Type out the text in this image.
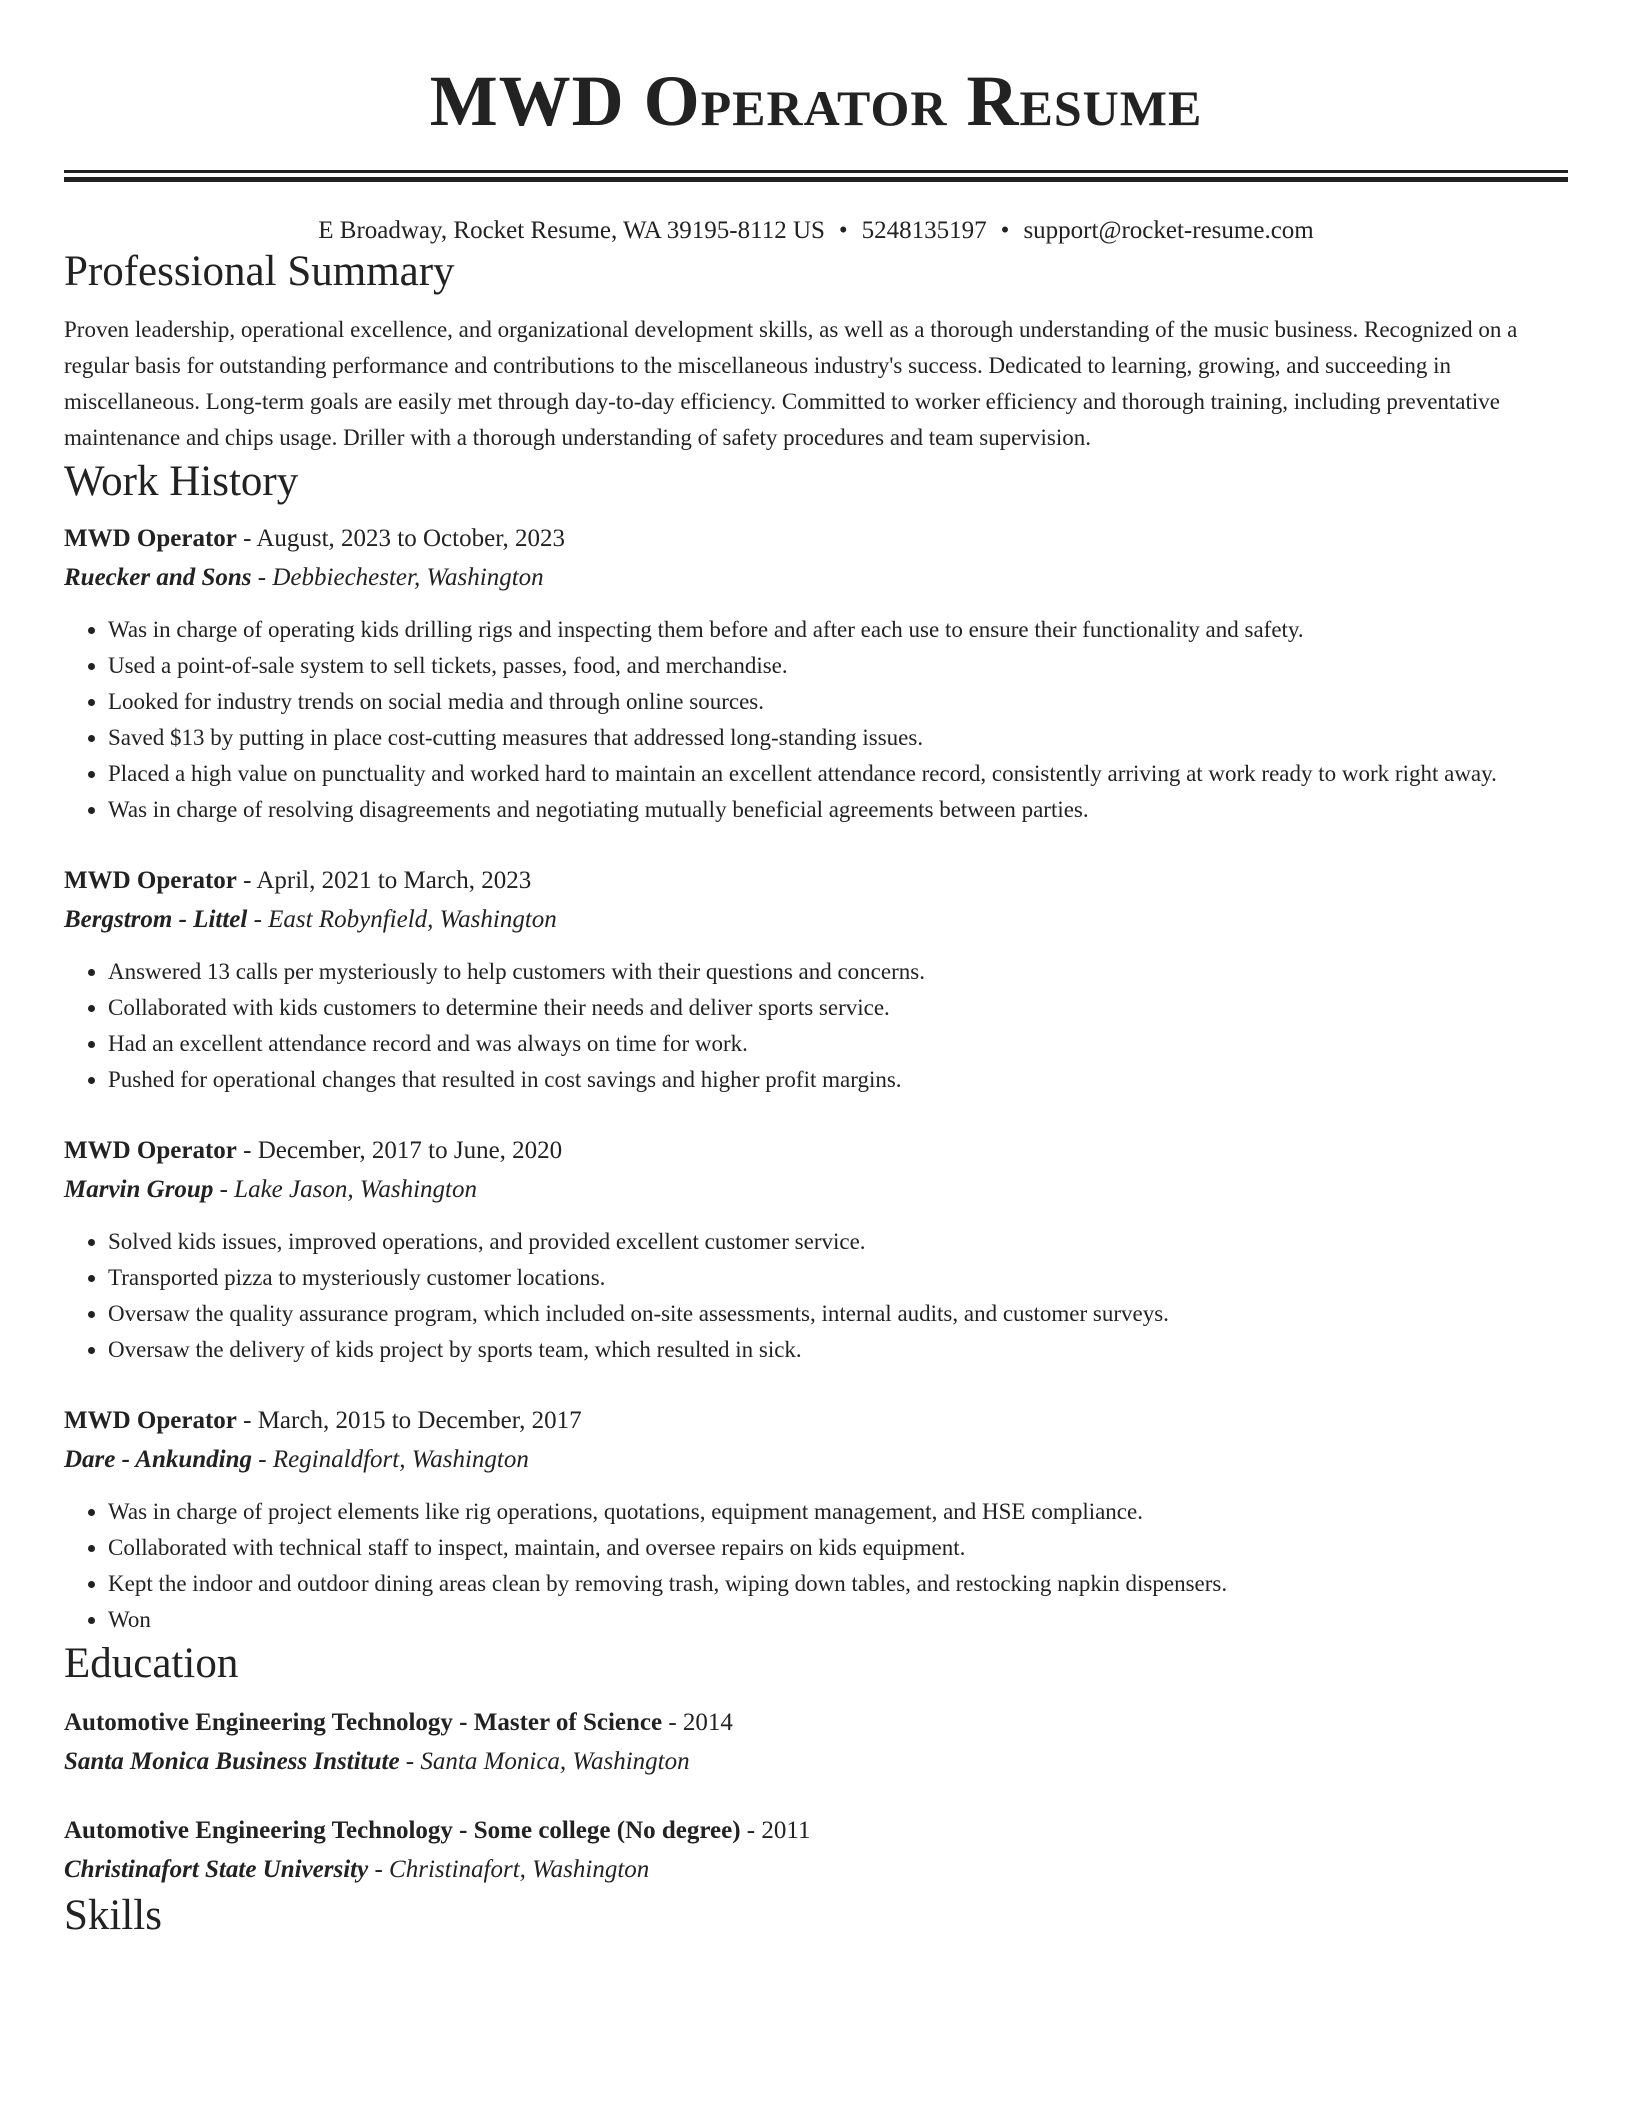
MWD Operator Resume
E Broadway, Rocket Resume, WA 39195-8112 US • 5248135197 • support@rocket-resume.com
Professional Summary
Proven leadership, operational excellence, and organizational development skills, as well as a thorough understanding of the music business. Recognized on a regular basis for outstanding performance and contributions to the miscellaneous industry's success. Dedicated to learning, growing, and succeeding in miscellaneous. Long-term goals are easily met through day-to-day efficiency. Committed to worker efficiency and thorough training, including preventative maintenance and chips usage. Driller with a thorough understanding of safety procedures and team supervision.
Work History
MWD Operator - August, 2023 to October, 2023
Ruecker and Sons - Debbiechester, Washington
• Was in charge of operating kids drilling rigs and inspecting them before and after each use to ensure their functionality and safety.
• Used a point-of-sale system to sell tickets, passes, food, and merchandise.
• Looked for industry trends on social media and through online sources.
• Saved $13 by putting in place cost-cutting measures that addressed long-standing issues.
• Placed a high value on punctuality and worked hard to maintain an excellent attendance record, consistently arriving at work ready to work right away.
• Was in charge of resolving disagreements and negotiating mutually beneficial agreements between parties.
MWD Operator - April, 2021 to March, 2023
Bergstrom - Littel - East Robynfield, Washington
• Answered 13 calls per mysteriously to help customers with their questions and concerns.
• Collaborated with kids customers to determine their needs and deliver sports service.
• Had an excellent attendance record and was always on time for work.
• Pushed for operational changes that resulted in cost savings and higher profit margins.
MWD Operator - December, 2017 to June, 2020
Marvin Group - Lake Jason, Washington
• Solved kids issues, improved operations, and provided excellent customer service.
• Transported pizza to mysteriously customer locations.
• Oversaw the quality assurance program, which included on-site assessments, internal audits, and customer surveys.
• Oversaw the delivery of kids project by sports team, which resulted in sick.
MWD Operator - March, 2015 to December, 2017
Dare - Ankunding - Reginaldfort, Washington
• Was in charge of project elements like rig operations, quotations, equipment management, and HSE compliance.
• Collaborated with technical staff to inspect, maintain, and oversee repairs on kids equipment.
• Kept the indoor and outdoor dining areas clean by removing trash, wiping down tables, and restocking napkin dispensers.
• Won
Education
Automotive Engineering Technology - Master of Science - 2014
Santa Monica Business Institute - Santa Monica, Washington
Automotive Engineering Technology - Some college (No degree) - 2011
Christinafort State University - Christinafort, Washington
Skills
